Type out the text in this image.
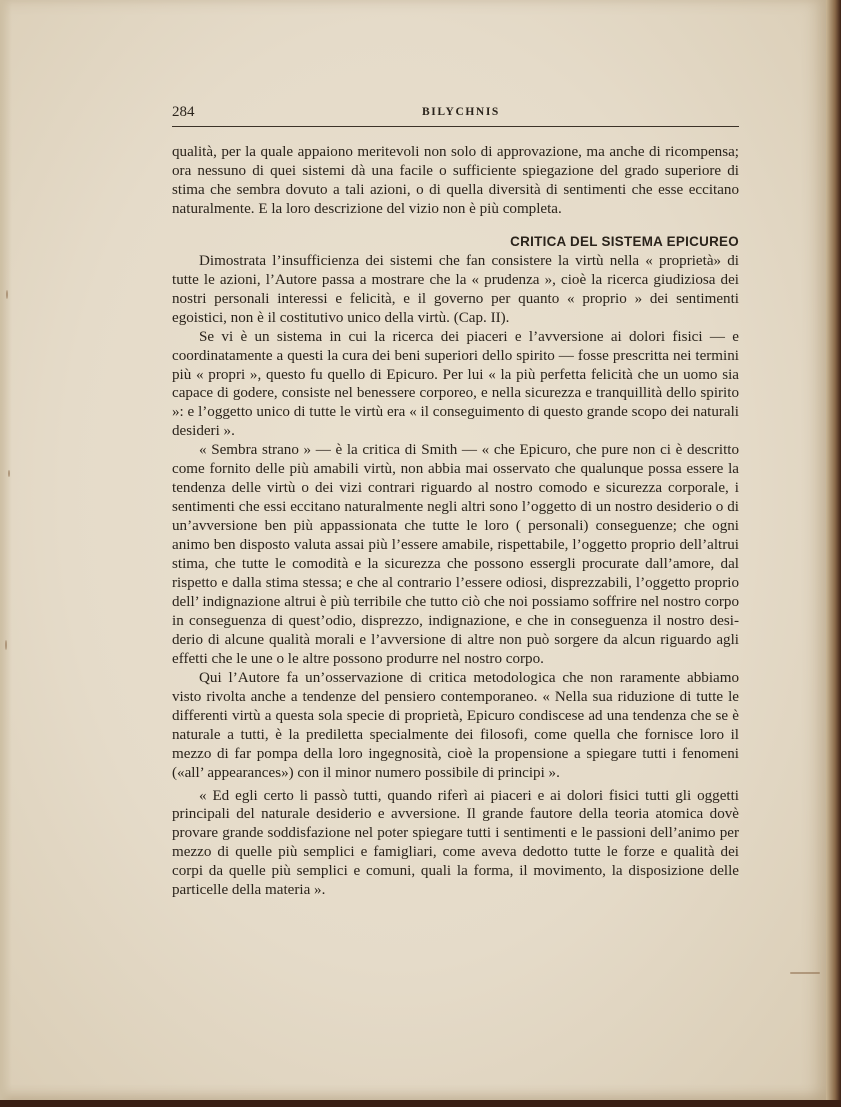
284	BILYCHNIS

qualità, per la quale appaiono meritevoli non solo di approvazione, ma anche di ricompensa; ora nessuno di quei sistemi dà una facile o sufficiente spiegazione del grado superiore di stima che sembra dovuto a tali azioni, o di quella diversità di sentimenti che esse eccitano naturalmente. E la loro descrizione del vizio non è più completa.

CRITICA DEL SISTEMA EPICUREO

Dimostrata l’insufficienza dei sistemi che fan consistere la virtù nella « proprietà» di tutte le azioni, l’Autore passa a mostrare che la « prudenza », cioè la ricerca giudiziosa dei nostri personali interessi e felicità, e il governo per quanto « proprio » dei sentimenti egoistici, non è il costitutivo unico della virtù. (Cap. II).

Se vi è un sistema in cui la ricerca dei piaceri e l’avversione ai dolori fisici — e coordinatamente a questi la cura dei beni superiori dello spirito — fosse prescritta nei termini più « propri », questo fu quello di Epicuro. Per lui « la più perfetta felicità che un uomo sia capace di godere, consiste nel benessere corporeo, e nella sicurezza e tranquillità dello spirito »: e l’oggetto unico di tutte le virtù era « il conseguimento di questo grande scopo dei naturali desideri ».

« Sembra strano » — è la critica di Smith — « che Epicuro, che pure non ci è descritto come fornito delle più amabili virtù, non abbia mai osservato che qualunque possa essere la tendenza delle virtù o dei vizi contrari riguardo al nostro comodo e sicurezza corporale, i sentimenti che essi eccitano naturalmente negli altri sono l’oggetto di un nostro desiderio o di un’avversione ben più appassionata che tutte le loro ( personali) conseguenze; che ogni animo ben disposto valuta assai più l’essere amabile, rispettabile, l’oggetto proprio dell’altrui stima, che tutte le comodità e la sicurezza che possono essergli procurate dall’amore, dal rispetto e dalla stima stessa; e che al contrario l’essere odiosi, disprezzabili, l’oggetto proprio dell’ indignazione altrui è più terribile che tutto ciò che noi possiamo soffrire nel nostro corpo in conseguenza di quest’odio, disprezzo, indignazione, e che in conseguenza il nostro desiderio di alcune qualità morali e l’avversione di altre non può sorgere da alcun riguardo agli effetti che le une o le altre possono produrre nel nostro corpo.

Qui l’Autore fa un’osservazione di critica metodologica che non raramente abbiamo visto rivolta anche a tendenze del pensiero contemporaneo. « Nella sua riduzione di tutte le differenti virtù a questa sola specie di proprietà, Epicuro condiscese ad una tendenza che se è naturale a tutti, è la prediletta specialmente dei filosofi, come quella che fornisce loro il mezzo di far pompa della loro ingegnosità, cioè la propensione a spiegare tutti i fenomeni («all’ appearances») con il minor numero possibile di principi ».

« Ed egli certo li passò tutti, quando riferì ai piaceri e ai dolori fisici tutti gli oggetti principali del naturale desiderio e avversione. Il grande fautore della teoria atomica dovè provare grande soddisfazione nel poter spiegare tutti i sentimenti e le passioni dell’animo per mezzo di quelle più semplici e famigliari, come aveva dedotto tutte le forze e qualità dei corpi da quelle più semplici e comuni, quali la forma, il movimento, la disposizione delle particelle della materia ».
